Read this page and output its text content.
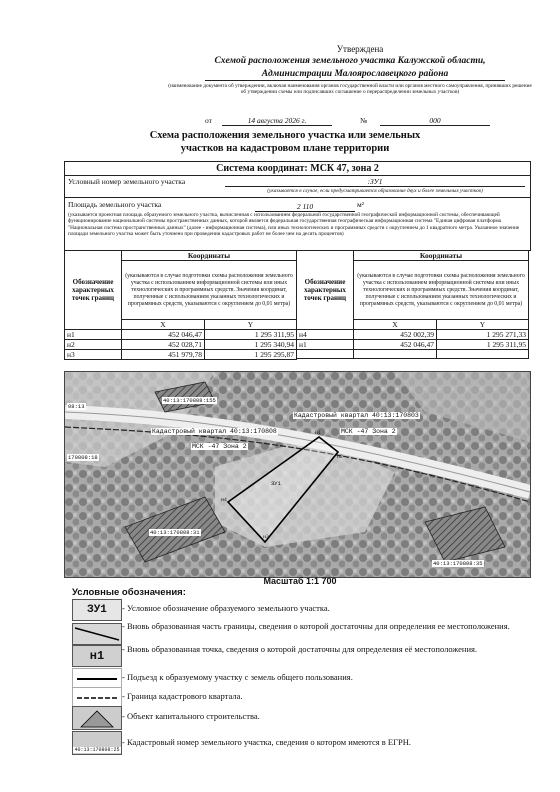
Утверждена
Схемой расположения земельного участка Калужской области,
Администрации Малоярославецкого района
(наименование документа об утверждении, включая наименования органов государственной власти или органов местного самоуправления, принявших решение об утверждении схемы или подписавших соглашение о перераспределении земельных участков)
от	14 августа 2026 г.	№	000
Схема расположения земельного участка или земельных
участков на кадастровом плане территории
Система координат: МСК 47, зона 2
Условный номер земельного участка	:ЗУ1
(указывается в случае, если предусматривается образование двух и более земельных участков)
Площадь земельного участка	2 110	м²
(указывается проектная площадь образуемого земельного участка, вычисленная с использованием федеральной государственной географической информационной системы, обеспечивающей функционирование национальной системы пространственных данных, которой является федеральная государственная географическая информационная система "Единая цифровая платформа "Национальная система пространственных данных" (далее - информационная система), или иных технологических и программных средств с округлением до 1 квадратного метра. Указанное значение площади земельного участка может быть уточнено при проведении кадастровых работ не более чем на десять процентов)
Обозначение характерных точек границ	Координаты	
	(указываются в случае подготовки схемы расположения земельного участка с использованием информационной системы или иных технологических и программных средств. Значения координат, полученные с использованием указанных технологических и программных средств, указываются с округлением до 0,01 метра)	
	X	Y
н1	452 046,47	1 295 311,95
н2	452 028,71	1 295 340,94
н3	451 979,78	1 295 295,87
Обозначение характерных точек границ	Координаты	
	(указываются в случае подготовки схемы расположения земельного участка с использованием информационной системы или иных технологических и программных средств. Значения координат, полученные с использованием указанных технологических и программных средств, указываются с округлением до 0,01 метра)	
	X	Y
н4	452 002,39	1 295 271,33
н1	452 046,47	1 295 311,95

Кадастровый квартал 40:13:170803
Кадастровый квартал 40:13:170808	МСК -47 Зона 2
МСК -47 Зона 2
40:13:170808:155
08:13
170808:18
40:13:170808:31
40:13:170808:35
ЗУ1
н1
н2
н3
н4
Масштаб 1:1 700
Условные обозначения:
ЗУ1	- Условное обозначение образуемого земельного участка.
- Вновь образованная часть границы, сведения о которой достаточны для определения ее местоположения.
н1	- Вновь образованная точка, сведения о которой достаточны для определения её местоположения.
- Подъезд к образуемому участку с земель общего пользования.
- Граница кадастрового квартала.
- Объект капитального строительства.
40:13:170808:25
- Кадастровый номер земельного участка, сведения о котором имеются в ЕГРН.
